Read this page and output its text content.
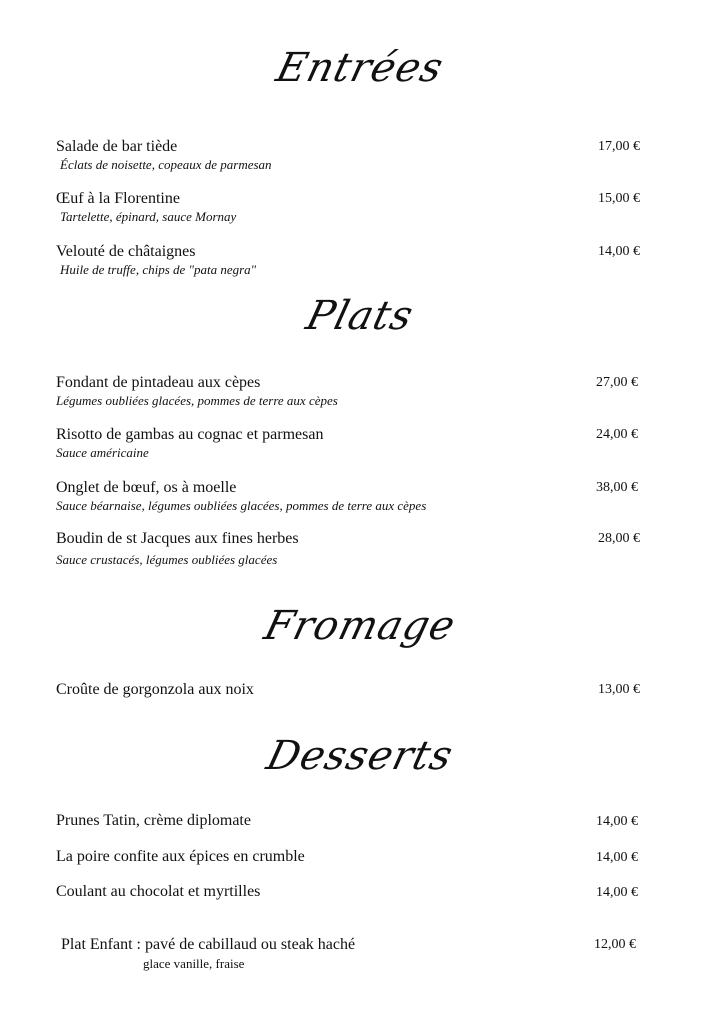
Entrées
Salade de bar tiède
Éclats de noisette, copeaux de parmesan
17,00 €
Œuf à la Florentine
Tartelette, épinard, sauce Mornay
15,00 €
Velouté de châtaignes
Huile de truffe, chips de "pata negra"
14,00 €
Plats
Fondant de pintadeau aux cèpes
Légumes oubliées glacées, pommes de terre aux cèpes
27,00 €
Risotto de gambas au cognac et parmesan
Sauce américaine
24,00 €
Onglet de bœuf, os à moelle
Sauce béarnaise, légumes oubliées glacées, pommes de terre aux cèpes
38,00 €
Boudin de st Jacques aux fines herbes
Sauce crustacés, légumes oubliées glacées
28,00 €
Fromage
Croûte de gorgonzola aux noix	13,00 €
Desserts
Prunes Tatin, crème diplomate	14,00 €
La poire confite aux épices en crumble	14,00 €
Coulant au chocolat et myrtilles	14,00 €
Plat Enfant : pavé de cabillaud ou steak haché
glace vanille, fraise
12,00 €
